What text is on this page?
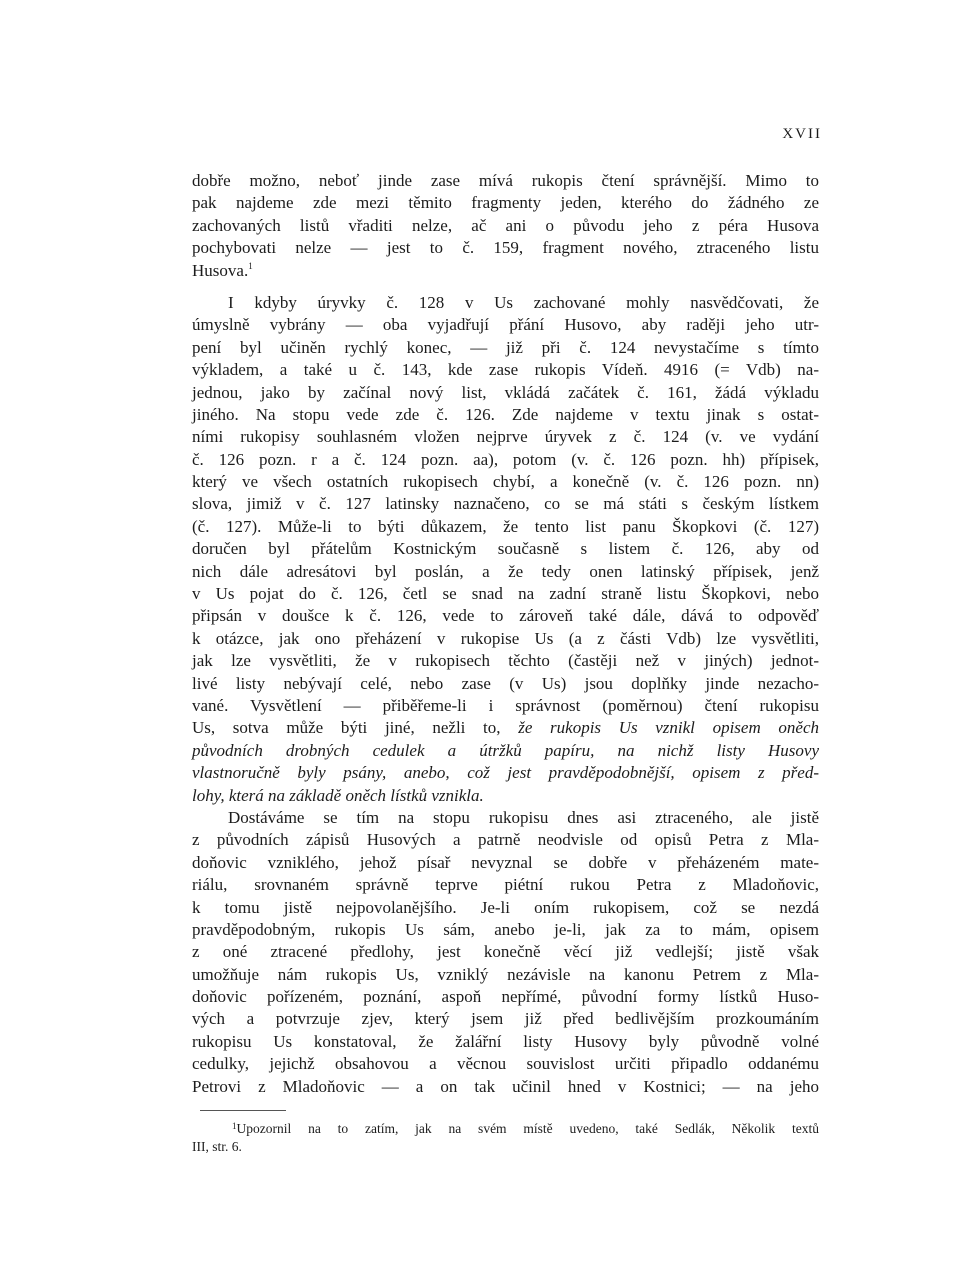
XVII
dobře možno, neboť jinde zase mívá rukopis čtení správnější. Mimo to
pak najdeme zde mezi těmito fragmenty jeden, kterého do žádného ze
zachovaných listů vřaditi nelze, ač ani o původu jeho z péra Husova
pochybovati nelze — jest to č. 159, fragment nového, ztraceného listu
Husova.$^1$
I kdyby úryvky č. 128 v Us zachované mohly nasvědčovati, že
úmyslně vybrány — oba vyjadřují přání Husovo, aby raději jeho utr-
pení byl učiněn rychlý konec, — již při č. 124 nevystačíme s tímto
výkladem, a také u č. 143, kde zase rukopis Vídeň. 4916 (= Vdb) na-
jednou, jako by začínal nový list, vkládá začátek č. 161, žádá výkladu
jiného. Na stopu vede zde č. 126. Zde najdeme v textu jinak s ostat-
ními rukopisy souhlasném vložen nejprve úryvek z č. 124 (v. ve vydání
č. 126 pozn. r a č. 124 pozn. aa), potom (v. č. 126 pozn. hh) přípisek,
který ve všech ostatních rukopisech chybí, a konečně (v. č. 126 pozn. nn)
slova, jimiž v č. 127 latinsky naznačeno, co se má státi s českým lístkem
(č. 127). Může-li to býti důkazem, že tento list panu Škopkovi (č. 127)
doručen byl přátelům Kostnickým současně s listem č. 126, aby od
nich dále adresátovi byl poslán, a že tedy onen latinský přípisek, jenž
v Us pojat do č. 126, četl se snad na zadní straně listu Škopkovi, nebo
připsán v doušce k č. 126, vede to zároveň také dále, dává to odpověď
k otázce, jak ono přeházení v rukopise Us (a z části Vdb) lze vysvětliti,
jak lze vysvětliti, že v rukopisech těchto (častěji než v jiných) jednot-
livé listy nebývají celé, nebo zase (v Us) jsou doplňky jinde nezacho-
vané. Vysvětlení — přiběřeme-li i správnost (poměrnou) čtení rukopisu
Us, sotva může býti jiné, nežli to, že rukopis Us vznikl opisem oněch
původních drobných cedulek a útržků papíru, na nichž listy Husovy
vlastnoručně byly psány, anebo, což jest pravděpodobnější, opisem z před-
lohy, která na základě oněch lístků vznikla.
Dostáváme se tím na stopu rukopisu dnes asi ztraceného, ale jistě
z původních zápisů Husových a patrně neodvisle od opisů Petra z Mla-
doňovic vzniklého, jehož písař nevyznal se dobře v přeházeném mate-
riálu, srovnaném správně teprve piétní rukou Petra z Mladoňovic,
k tomu jistě nejpovolanějšího. Je-li oním rukopisem, což se nezdá
pravděpodobným, rukopis Us sám, anebo je-li, jak za to mám, opisem
z oné ztracené předlohy, jest konečně věcí již vedlejší; jistě však
umožňuje nám rukopis Us, vzniklý nezávisle na kanonu Petrem z Mla-
doňovic pořízeném, poznání, aspoň nepřímé, původní formy lístků Huso-
vých a potvrzuje zjev, který jsem již před bedlivějším prozkoumáním
rukopisu Us konstatoval, že žalářní listy Husovy byly původně volné
cedulky, jejichž obsahovou a věcnou souvislost určiti připadlo oddanému
Petrovi z Mladoňovic — a on tak učinil hned v Kostnici; — na jeho
$^1$Upozornil na to zatím, jak na svém místě uvedeno, také Sedlák, Několik textů
III, str. 6.
